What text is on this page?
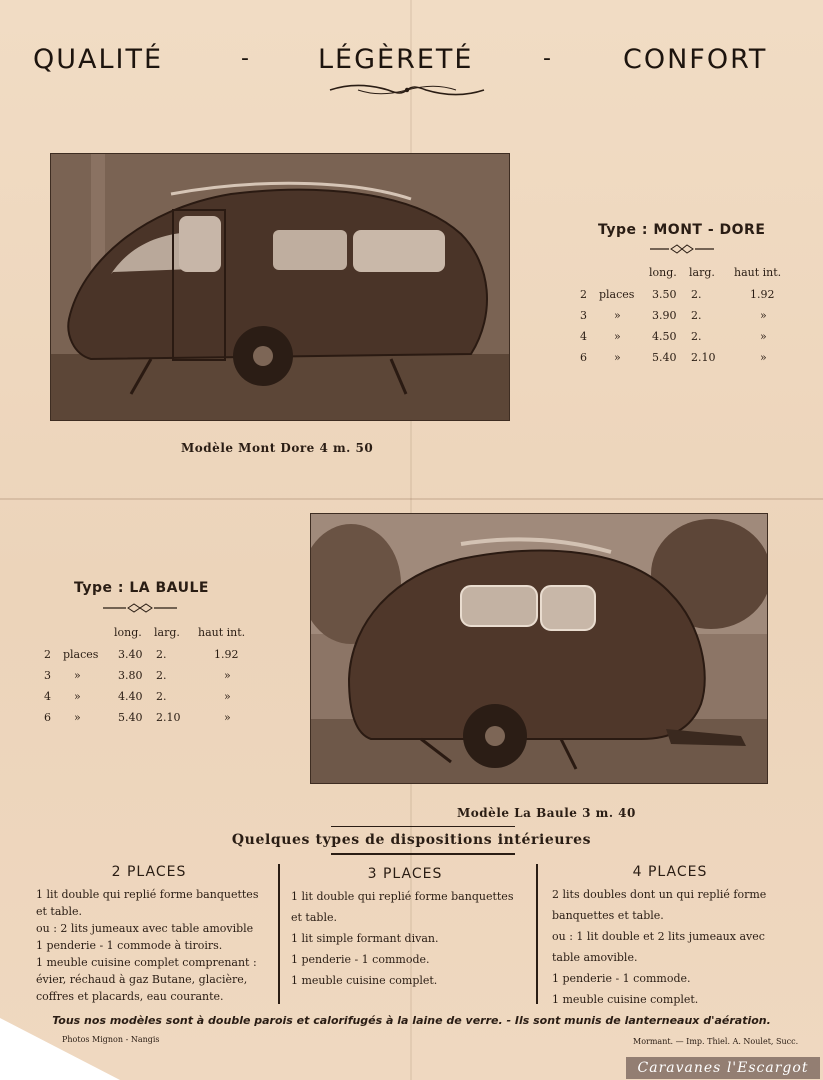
QUALITÉ	-	LÉGÈRETÉ	-	CONFORT
Modèle Mont Dore 4 m. 50
Type : MONT - DORE
long. larg. haut int.
2 places 3.50 2.	1.92
3 »	3.90 2.	»
4 »	4.50 2.	»
6 »	5.40 2.10	»
Type : LA BAULE
long. larg. haut int.
2 places 3.40 2.	1.92
3 »	3.80 2.	»
4 »	4.40 2.	»
6 »	5.40 2.10	»
Modèle La Baule 3 m. 40
Quelques types de dispositions intérieures
2 PLACES	3 PLACES	4 PLACES
1 lit double qui replié forme banquettes
et table.
ou : 2 lits jumeaux avec table amovible
1 penderie - 1 commode à tiroirs.
1 meuble cuisine complet comprenant :
évier, réchaud à gaz Butane, glacière,
coffres et placards, eau courante.
1 lit double qui replié forme banquettes
et table.
1 lit simple formant divan.
1 penderie - 1 commode.
1 meuble cuisine complet.
2 lits doubles dont un qui replié forme
banquettes et table.
ou : 1 lit double et 2 lits jumeaux avec
table amovible.
1 penderie - 1 commode.
1 meuble cuisine complet.
Tous nos modèles sont à double parois et calorifugés à la laine de verre. - Ils sont munis de lanterneaux d'aération.
Photos Mignon - Nangis	Mormant. — Imp. Thiel. A. Noulet, Succ.
Caravanes l'Escargot
